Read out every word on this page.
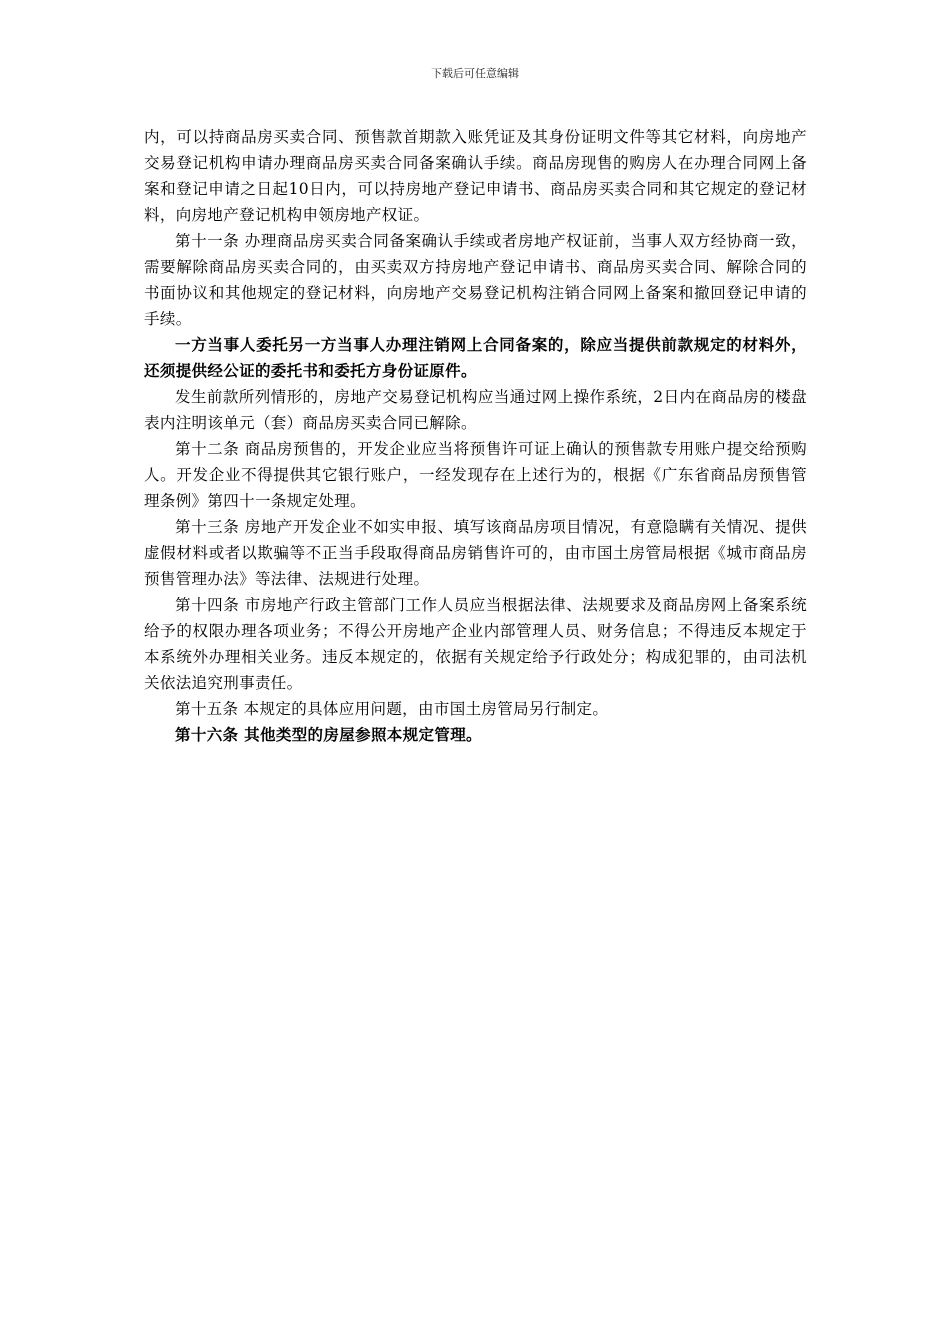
下载后可任意编辑

内，可以持商品房买卖合同、预售款首期款入账凭证及其身份证明文件等其它材料，向房地产交易登记机构申请办理商品房买卖合同备案确认手续。商品房现售的购房人在办理合同网上备案和登记申请之日起10日内，可以持房地产登记申请书、商品房买卖合同和其它规定的登记材料，向房地产登记机构申领房地产权证。

第十一条 办理商品房买卖合同备案确认手续或者房地产权证前，当事人双方经协商一致，需要解除商品房买卖合同的，由买卖双方持房地产登记申请书、商品房买卖合同、解除合同的书面协议和其他规定的登记材料，向房地产交易登记机构注销合同网上备案和撤回登记申请的手续。

一方当事人委托另一方当事人办理注销网上合同备案的，除应当提供前款规定的材料外，还须提供经公证的委托书和委托方身份证原件。

发生前款所列情形的，房地产交易登记机构应当通过网上操作系统，2日内在商品房的楼盘表内注明该单元（套）商品房买卖合同已解除。

第十二条 商品房预售的，开发企业应当将预售许可证上确认的预售款专用账户提交给预购人。开发企业不得提供其它银行账户，一经发现存在上述行为的，根据《广东省商品房预售管理条例》第四十一条规定处理。

第十三条 房地产开发企业不如实申报、填写该商品房项目情况，有意隐瞒有关情况、提供虚假材料或者以欺骗等不正当手段取得商品房销售许可的，由市国土房管局根据《城市商品房预售管理办法》等法律、法规进行处理。

第十四条 市房地产行政主管部门工作人员应当根据法律、法规要求及商品房网上备案系统给予的权限办理各项业务；不得公开房地产企业内部管理人员、财务信息；不得违反本规定于本系统外办理相关业务。违反本规定的，依据有关规定给予行政处分；构成犯罪的，由司法机关依法追究刑事责任。

第十五条 本规定的具体应用问题，由市国土房管局另行制定。

第十六条 其他类型的房屋参照本规定管理。
